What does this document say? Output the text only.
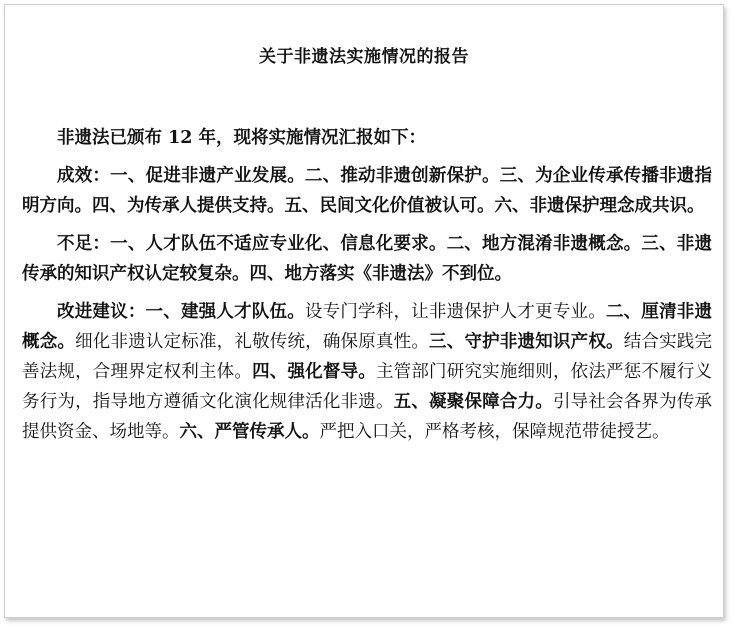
关于非遗法实施情况的报告

非遗法已颁布 12 年，现将实施情况汇报如下：

成效：一、促进非遗产业发展。二、推动非遗创新保护。三、为企业传承传播非遗指明方向。四、为传承人提供支持。五、民间文化价值被认可。六、非遗保护理念成共识。

不足：一、人才队伍不适应专业化、信息化要求。二、地方混淆非遗概念。三、非遗传承的知识产权认定较复杂。四、地方落实《非遗法》不到位。

改进建议：一、建强人才队伍。设专门学科，让非遗保护人才更专业。二、厘清非遗概念。细化非遗认定标准，礼敬传统，确保原真性。三、守护非遗知识产权。结合实践完善法规，合理界定权利主体。四、强化督导。主管部门研究实施细则，依法严惩不履行义务行为，指导地方遵循文化演化规律活化非遗。五、凝聚保障合力。引导社会各界为传承提供资金、场地等。六、严管传承人。严把入口关，严格考核，保障规范带徒授艺。
